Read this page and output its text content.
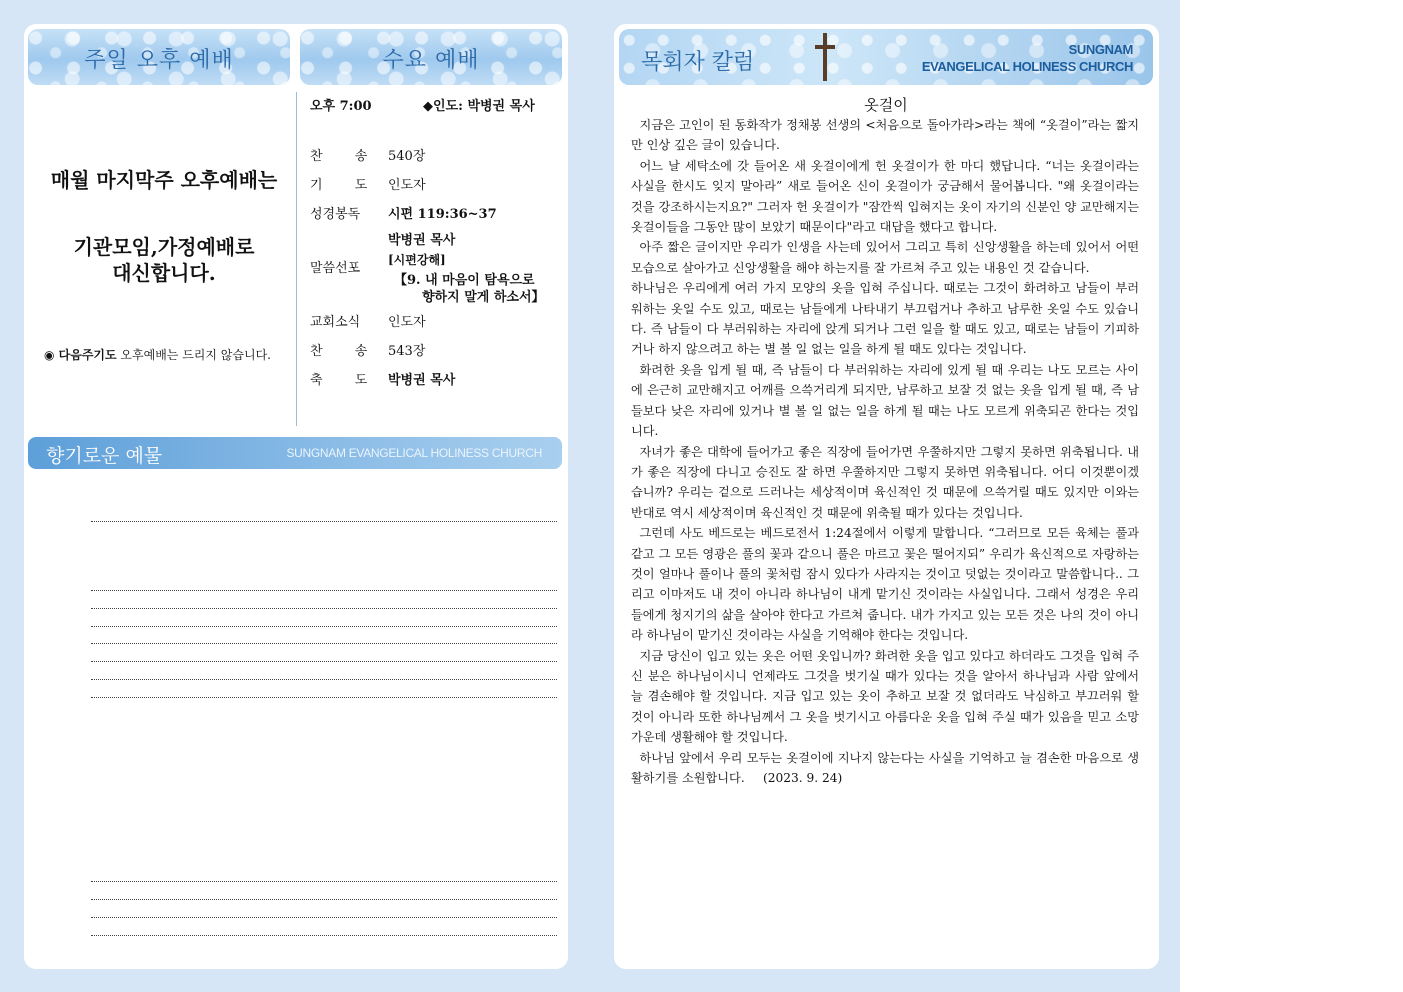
주일 오후 예배	수요 예배
매월 마지막주 오후예배는
기관모임,가정예배로
대신합니다.
◉ 다음주기도 오후예배는 드리지 않습니다.
오후 7:00	◆인도: 박병권 목사
찬 송 540장
기 도 인도자
성경봉독	시편 119:36~37
말씀선포
박병권 목사
[시편강해]
【9. 내 마음이 탐욕으로
향하지 말게 하소서】
교회소식	인도자
찬 송 543장
축 도 박병권 목사
향기로운 예물	SUNGNAM EVANGELICAL HOLINESS CHURCH
목회자 칼럼
SUNGNAM
EVANGELICAL HOLINESS CHURCH
옷걸이

지금은 고인이 된 동화작가 정채봉 선생의 <처음으로 돌아가라>라는 책에 “옷걸이”라는 짧지만 인상 깊은 글이 있습니다.

어느 날 세탁소에 갓 들어온 새 옷걸이에게 헌 옷걸이가 한 마디 했답니다. “너는 옷걸이라는 사실을 한시도 잊지 말아라” 새로 들어온 신이 옷걸이가 궁금해서 물어봅니다. "왜 옷걸이라는 것을 강조하시는지요?" 그러자 헌 옷걸이가 "잠깐씩 입혀지는 옷이 자기의 신분인 양 교만해지는 옷걸이들을 그동안 많이 보았기 때문이다"라고 대답을 했다고 합니다.

아주 짧은 글이지만 우리가 인생을 사는데 있어서 그리고 특히 신앙생활을 하는데 있어서 어떤 모습으로 살아가고 신앙생활을 해야 하는지를 잘 가르쳐 주고 있는 내용인 것 같습니다.

하나님은 우리에게 여러 가지 모양의 옷을 입혀 주십니다. 때로는 그것이 화려하고 남들이 부러워하는 옷일 수도 있고, 때로는 남들에게 나타내기 부끄럽거나 추하고 남루한 옷일 수도 있습니다. 즉 남들이 다 부러워하는 자리에 앉게 되거나 그런 일을 할 때도 있고, 때로는 남들이 기피하거나 하지 않으려고 하는 별 볼 일 없는 일을 하게 될 때도 있다는 것입니다.

화려한 옷을 입게 될 때, 즉 남들이 다 부러워하는 자리에 있게 될 때 우리는 나도 모르는 사이에 은근히 교만해지고 어깨를 으쓱거리게 되지만, 남루하고 보잘 것 없는 옷을 입게 될 때, 즉 남들보다 낮은 자리에 있거나 별 볼 일 없는 일을 하게 될 때는 나도 모르게 위축되곤 한다는 것입니다.

자녀가 좋은 대학에 들어가고 좋은 직장에 들어가면 우쭐하지만 그렇지 못하면 위축됩니다. 내가 좋은 직장에 다니고 승진도 잘 하면 우쭐하지만 그렇지 못하면 위축됩니다. 어디 이것뿐이겠습니까? 우리는 겉으로 드러나는 세상적이며 육신적인 것 때문에 으쓱거릴 때도 있지만 이와는 반대로 역시 세상적이며 육신적인 것 때문에 위축될 때가 있다는 것입니다.

그런데 사도 베드로는 베드로전서 1:24절에서 이렇게 말합니다. “그러므로 모든 육체는 풀과 같고 그 모든 영광은 풀의 꽃과 같으니 풀은 마르고 꽃은 떨어지되” 우리가 육신적으로 자랑하는 것이 얼마나 풀이나 풀의 꽃처럼 잠시 있다가 사라지는 것이고 덧없는 것이라고 말씀합니다.. 그리고 이마저도 내 것이 아니라 하나님이 내게 맡기신 것이라는 사실입니다. 그래서 성경은 우리들에게 청지기의 삶을 살아야 한다고 가르쳐 줍니다. 내가 가지고 있는 모든 것은 나의 것이 아니라 하나님이 맡기신 것이라는 사실을 기억해야 한다는 것입니다.

지금 당신이 입고 있는 옷은 어떤 옷입니까? 화려한 옷을 입고 있다고 하더라도 그것을 입혀 주신 분은 하나님이시니 언제라도 그것을 벗기실 때가 있다는 것을 알아서 하나님과 사람 앞에서 늘 겸손해야 할 것입니다. 지금 입고 있는 옷이 추하고 보잘 것 없더라도 낙심하고 부끄러워 할 것이 아니라 또한 하나님께서 그 옷을 벗기시고 아름다운 옷을 입혀 주실 때가 있음을 믿고 소망가운데 생활해야 할 것입니다.

하나님 앞에서 우리 모두는 옷걸이에 지나지 않는다는 사실을 기억하고 늘 겸손한 마음으로 생활하기를 소원합니다. (2023. 9. 24)
